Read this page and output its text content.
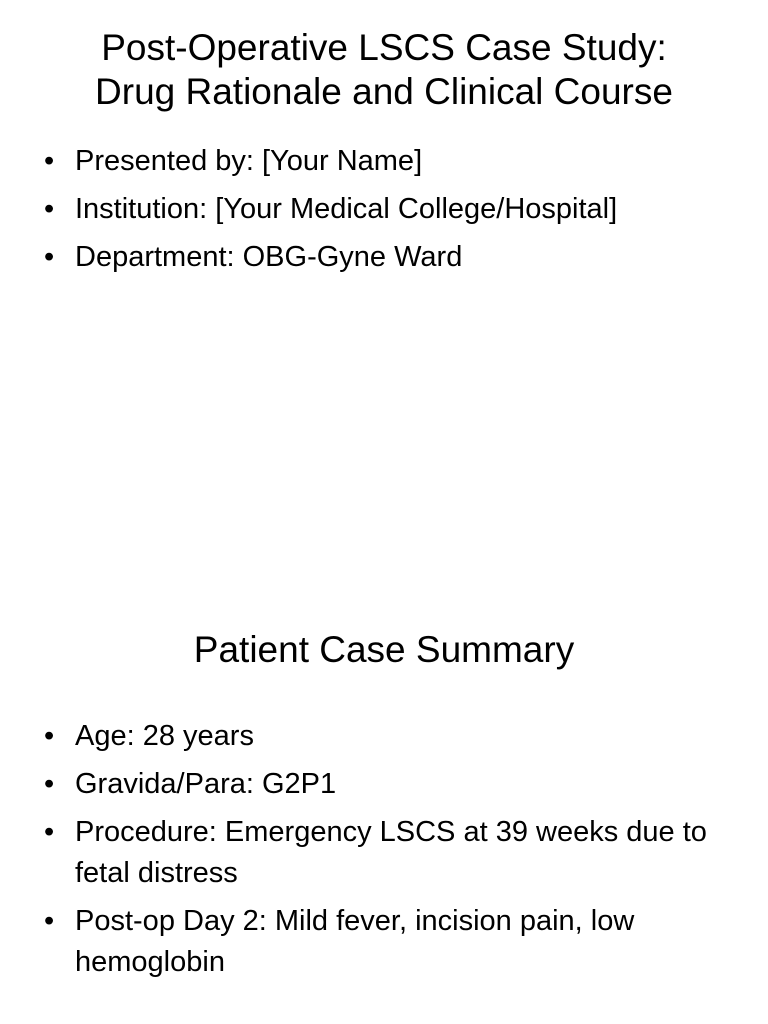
Post-Operative LSCS Case Study:
Drug Rationale and Clinical Course
• Presented by: [Your Name]
• Institution: [Your Medical College/Hospital]
• Department: OBG-Gyne Ward
Patient Case Summary
• Age: 28 years
• Gravida/Para: G2P1
• Procedure: Emergency LSCS at 39 weeks due to fetal distress
• Post-op Day 2: Mild fever, incision pain, low hemoglobin
